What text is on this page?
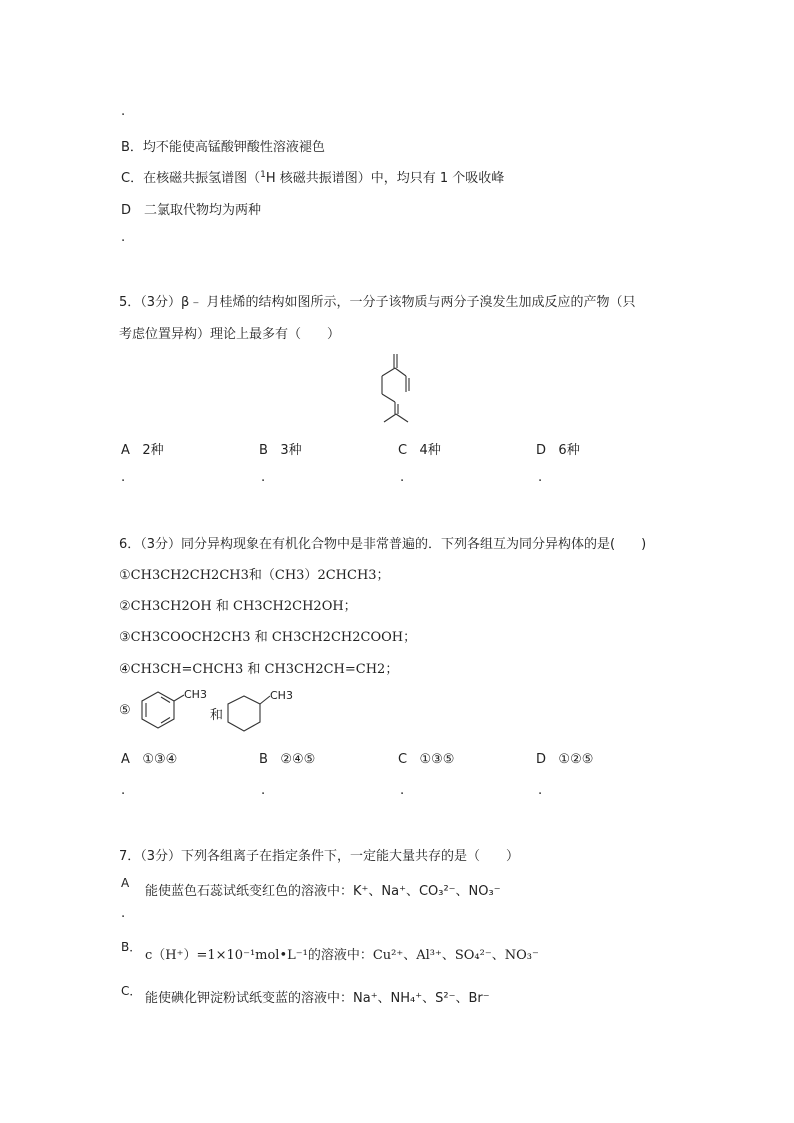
.
B．均不能使高锰酸钾酸性溶液褪色
C．在核磁共振氢谱图（$^1$H 核磁共振谱图）中，均只有 1 个吸收峰
D　二氯取代物均为两种
.
5．（3分）β﹣ 月桂烯的结构如图所示，一分子该物质与两分子溴发生加成反应的产物（只
考虑位置异构）理论上最多有（　　）
A 2种	B 3种	C 4种	D 6种
.	.	.	.
6．（3分）同分异构现象在有机化合物中是非常普遍的．下列各组互为同分异构体的是(　　)
①CH3CH2CH2CH3和（CH3）2CHCH3；
②CH3CH2OH 和 CH3CH2CH2OH；
③CH3COOCH2CH3 和 CH3CH2CH2COOH；
④CH3CH=CHCH3 和 CH3CH2CH=CH2；
⑤
CH3
和
CH3
A ①③④	B ②④⑤	C ①③⑤	D ①②⑤
.	.	.	.
7．（3分）下列各组离子在指定条件下，一定能大量共存的是（　　）
A
能使蓝色石蕊试纸变红色的溶液中：K⁺、Na⁺、CO₃²⁻、NO₃⁻
.
B．
c（H⁺）=1×10⁻¹mol•L⁻¹的溶液中：Cu²⁺、Al³⁺、SO₄²⁻、NO₃⁻
C． 能使碘化钾淀粉试纸变蓝的溶液中：Na⁺、NH₄⁺、S²⁻、Br⁻
